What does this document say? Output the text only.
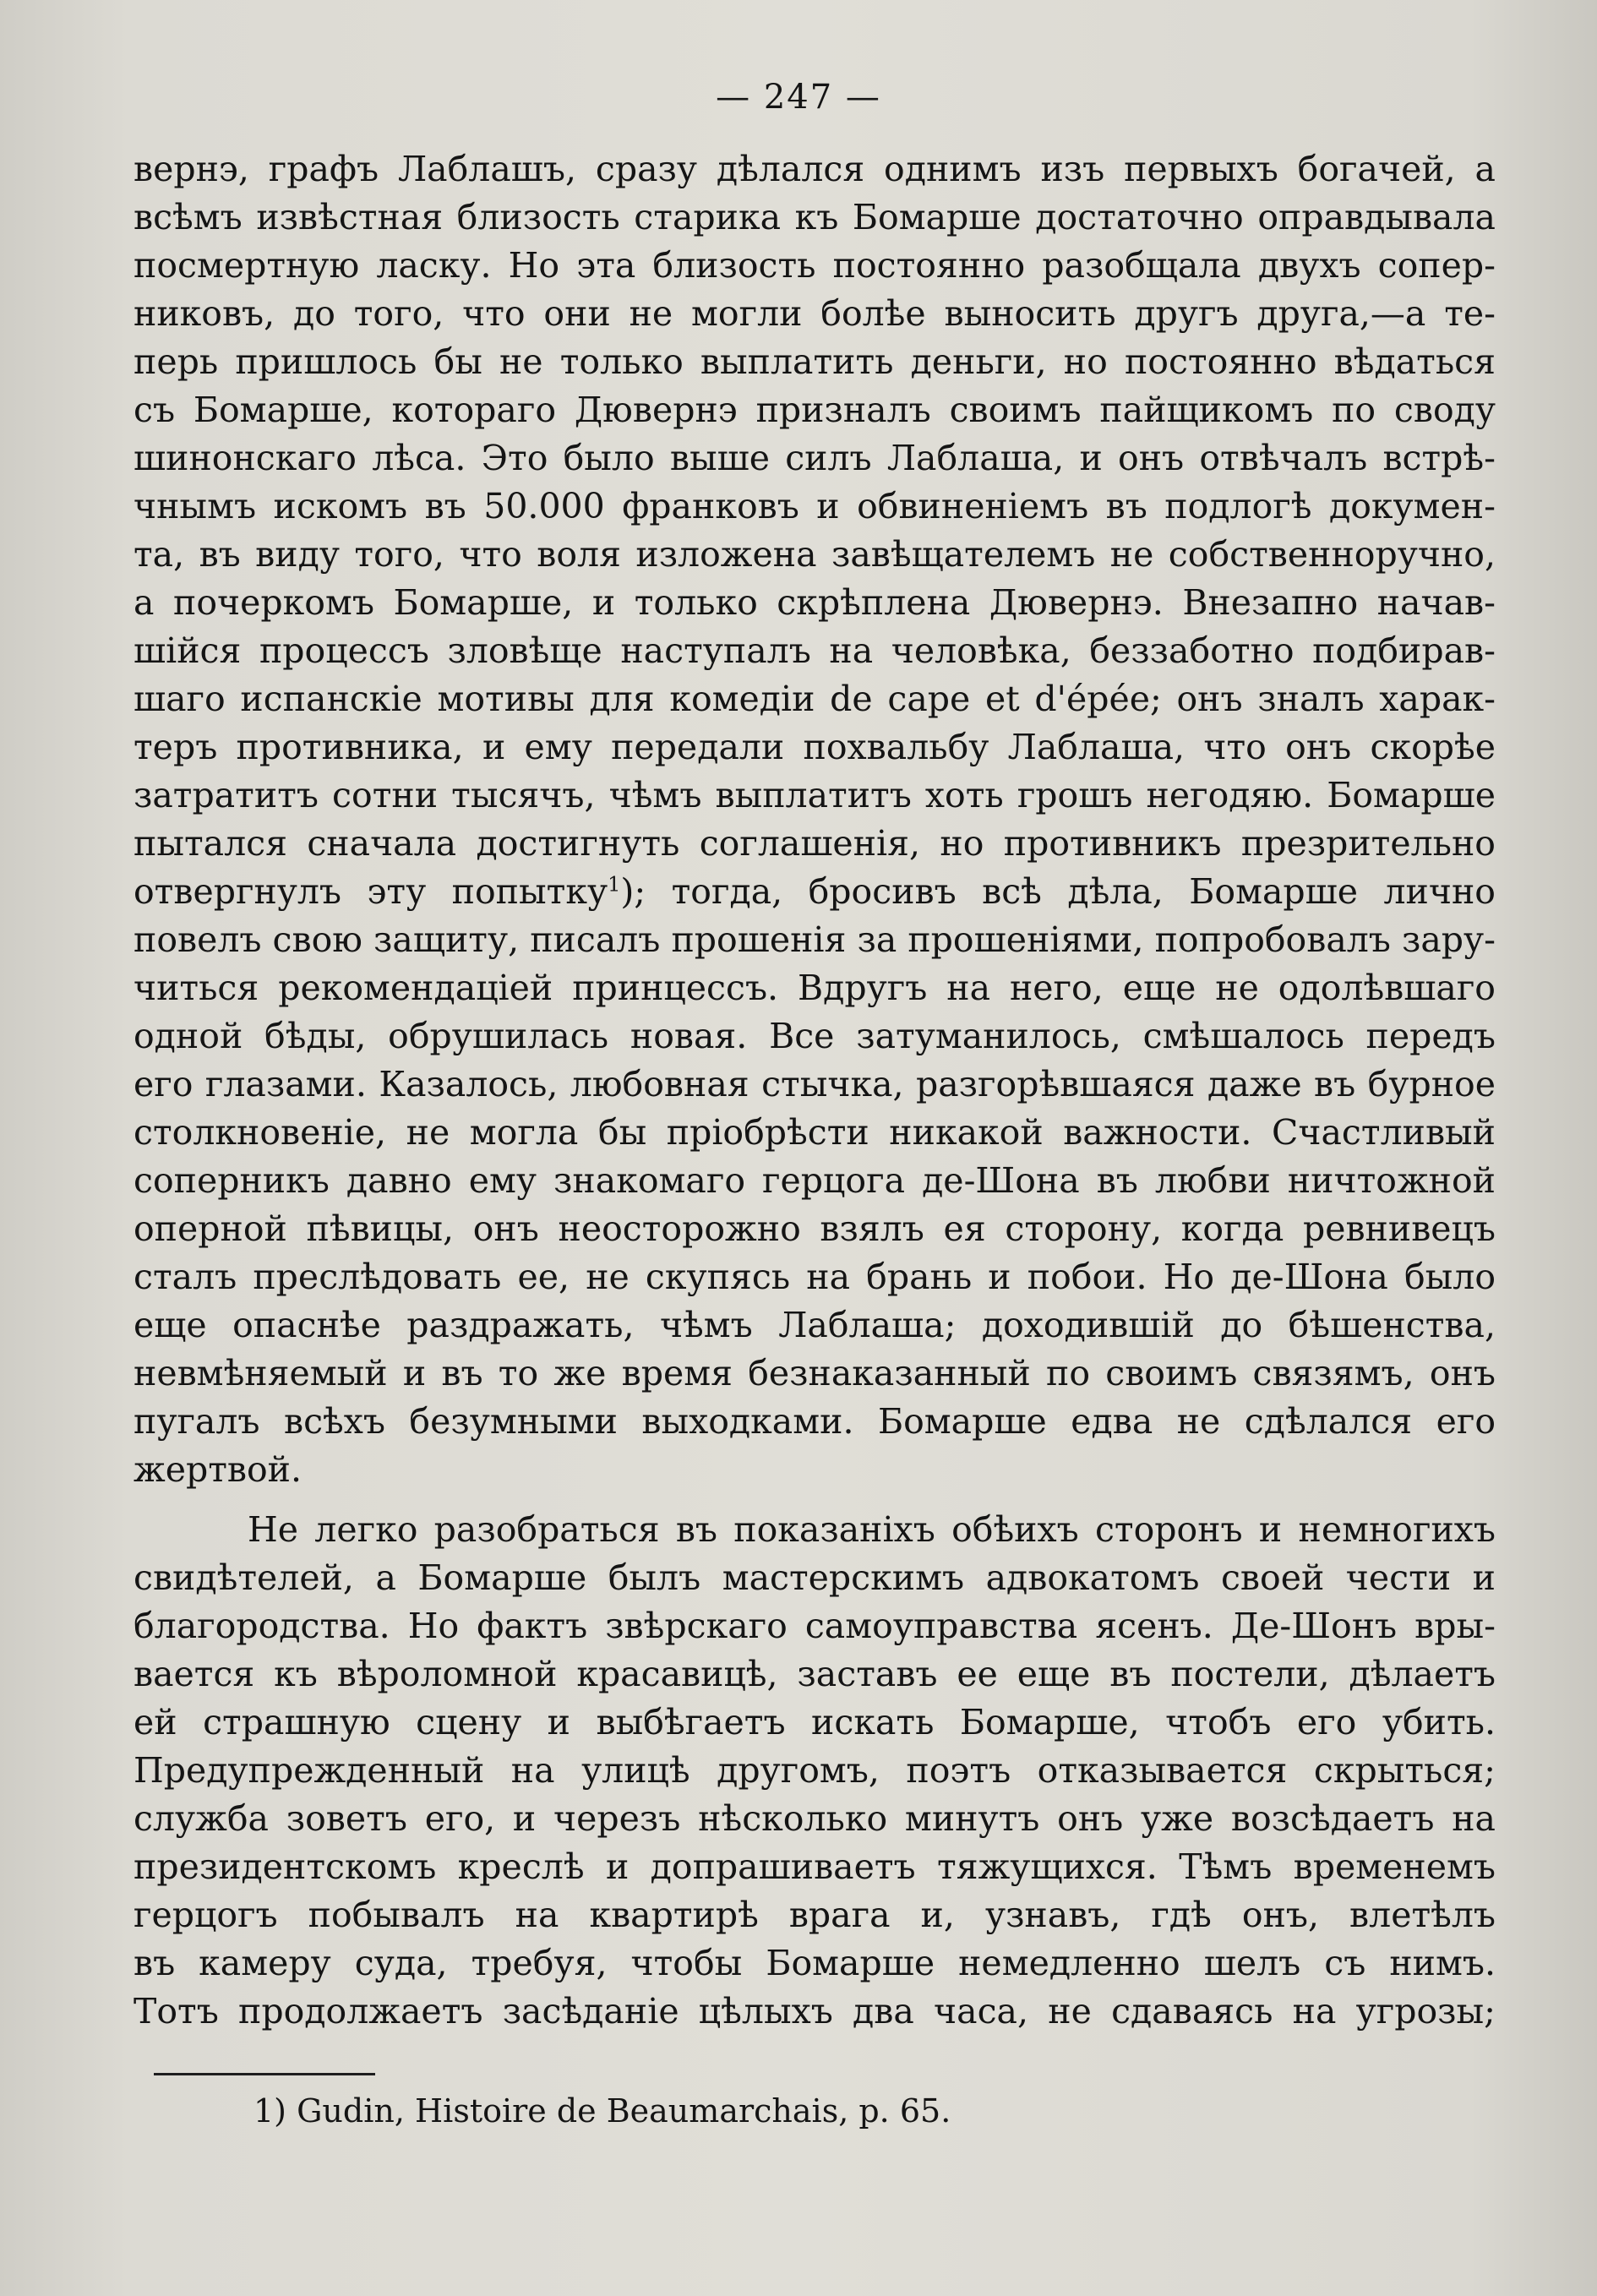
— 247 —
вернэ, графъ Лаблашъ, сразу дѣлался однимъ изъ первыхъ богачей, а
всѣмъ извѣстная близость старика къ Бомарше достаточно оправдывала
посмертную ласку. Но эта близость постоянно разобщала двухъ сопер-
никовъ, до того, что они не могли болѣе выносить другъ друга,—а те-
перь пришлось бы не только выплатить деньги, но постоянно вѣдаться
съ Бомарше, котораго Дювернэ призналъ своимъ пайщикомъ по своду
шинонскаго лѣса. Это было выше силъ Лаблаша, и онъ отвѣчалъ встрѣ-
чнымъ искомъ въ 50.000 франковъ и обвиненіемъ въ подлогѣ докумен-
та, въ виду того, что воля изложена завѣщателемъ не собственноручно,
а почеркомъ Бомарше, и только скрѣплена Дювернэ. Внезапно начав-
шійся процессъ зловѣще наступалъ на человѣка, беззаботно подбирав-
шаго испанскіе мотивы для комедіи de cape et d'épée; онъ зналъ харак-
теръ противника, и ему передали похвальбу Лаблаша, что онъ скорѣе
затратитъ сотни тысячъ, чѣмъ выплатитъ хоть грошъ негодяю. Бомарше
пытался сначала достигнуть соглашенія, но противникъ презрительно
отвергнулъ эту попытку$^1$); тогда, бросивъ всѣ дѣла, Бомарше лично
повелъ свою защиту, писалъ прошенія за прошеніями, попробовалъ зару-
читься рекомендаціей принцессъ. Вдругъ на него, еще не одолѣвшаго
одной бѣды, обрушилась новая. Все затуманилось, смѣшалось передъ
его глазами. Казалось, любовная стычка, разгорѣвшаяся даже въ бурное
столкновеніе, не могла бы пріобрѣсти никакой важности. Счастливый
соперникъ давно ему знакомаго герцога де-Шона въ любви ничтожной
оперной пѣвицы, онъ неосторожно взялъ ея сторону, когда ревнивецъ
сталъ преслѣдовать ее, не скупясь на брань и побои. Но де-Шона было
еще опаснѣе раздражать, чѣмъ Лаблаша; доходившій до бѣшенства,
невмѣняемый и въ то же время безнаказанный по своимъ связямъ, онъ
пугалъ всѣхъ безумными выходками. Бомарше едва не сдѣлался его
жертвой.
Не легко разобраться въ показаніхъ обѣихъ сторонъ и немногихъ
свидѣтелей, а Бомарше былъ мастерскимъ адвокатомъ своей чести и
благородства. Но фактъ звѣрскаго самоуправства ясенъ. Де-Шонъ вры-
вается къ вѣроломной красавицѣ, заставъ ее еще въ постели, дѣлаетъ
ей страшную сцену и выбѣгаетъ искать Бомарше, чтобъ его убить.
Предупрежденный на улицѣ другомъ, поэтъ отказывается скрыться;
служба зоветъ его, и черезъ нѣсколько минутъ онъ уже возсѣдаетъ на
президентскомъ креслѣ и допрашиваетъ тяжущихся. Тѣмъ временемъ
герцогъ побывалъ на квартирѣ врага и, узнавъ, гдѣ онъ, влетѣлъ
въ камеру суда, требуя, чтобы Бомарше немедленно шелъ съ нимъ.
Тотъ продолжаетъ засѣданіе цѣлыхъ два часа, не сдаваясь на угрозы;
1) Gudin, Histoire de Beaumarchais, p. 65.
